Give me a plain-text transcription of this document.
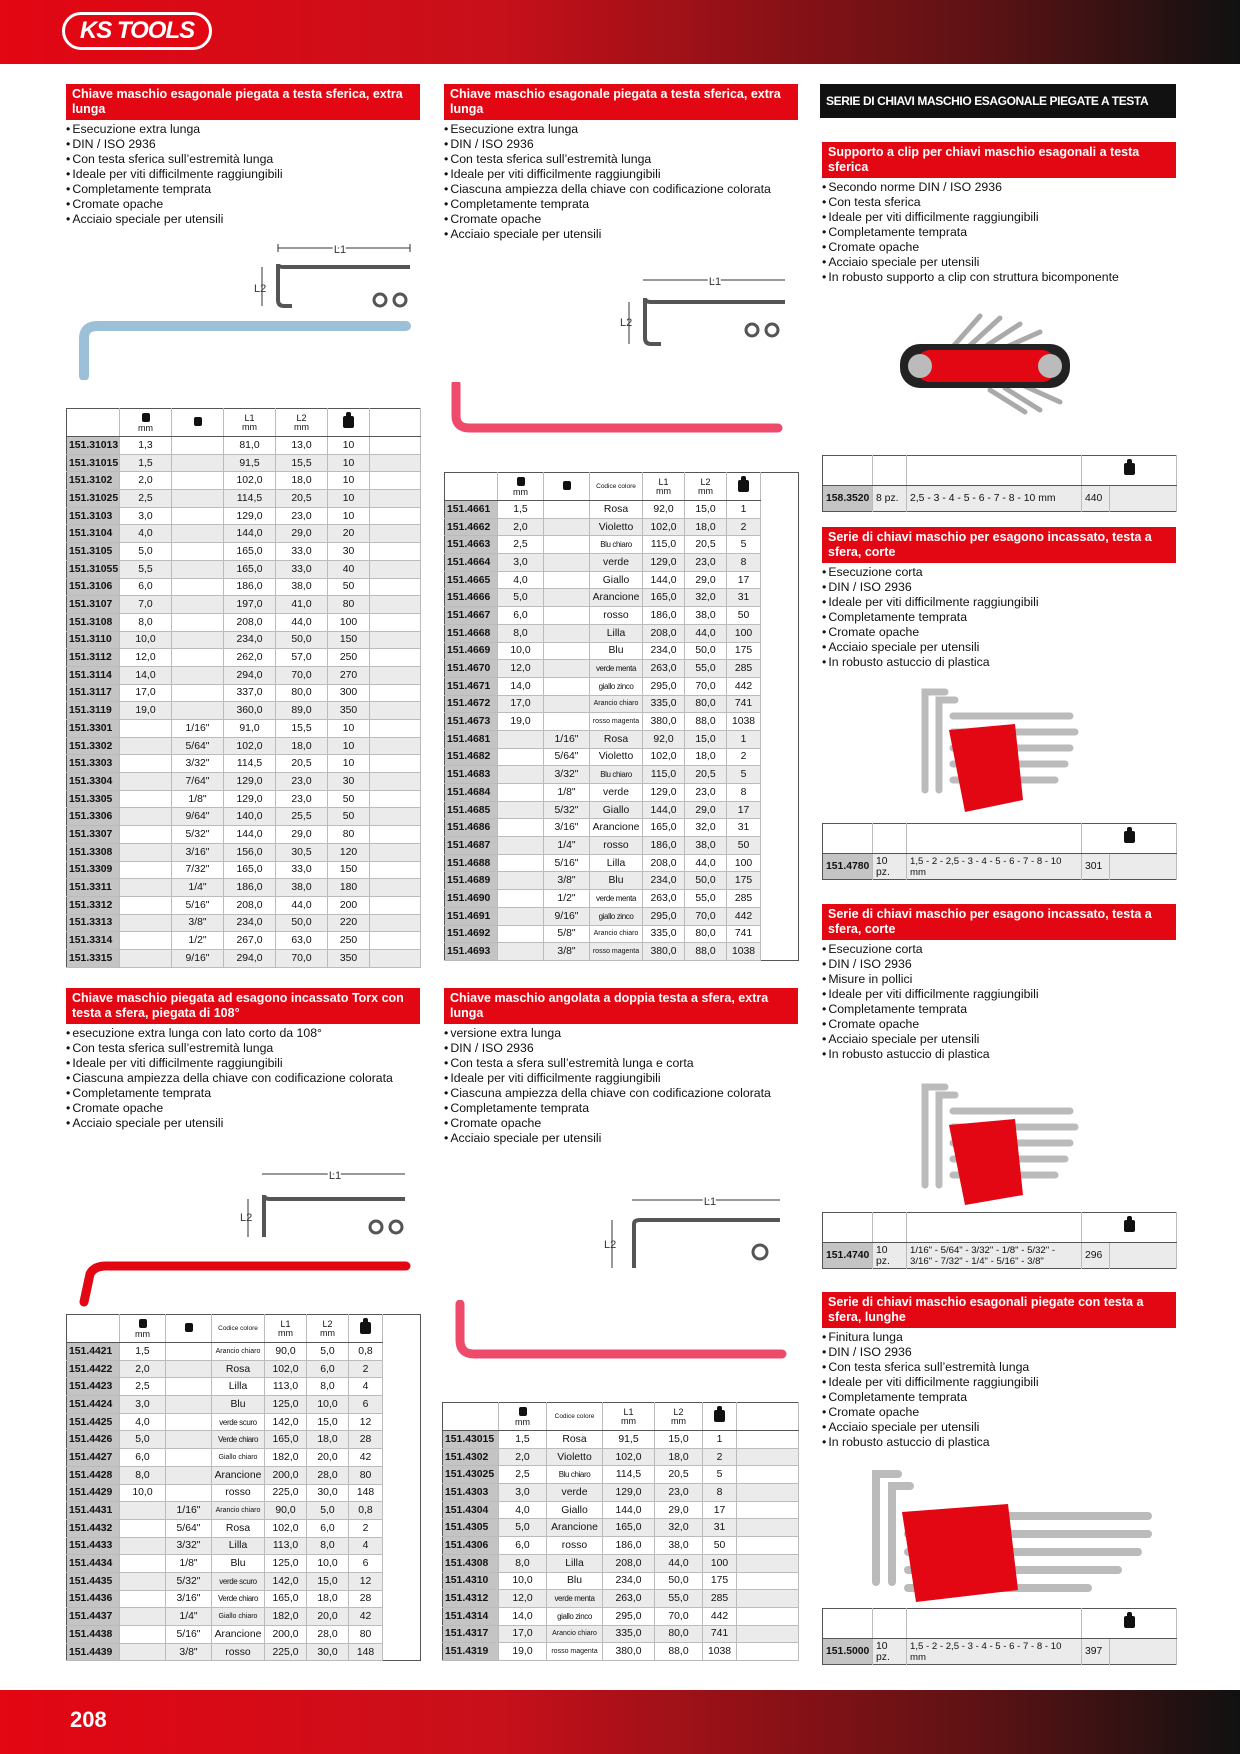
KS TOOLS
208
Chiave maschio esagonale piegata a testa sferica, extra lunga
• Esecuzione extra lunga
• DIN / ISO 2936
• Con testa sferica sull’estremità lunga
• Ideale per viti difficilmente raggiungibili
• Completamente temprata
• Cromate opache
• Acciaio speciale per utensili
L1
L2

mm		L1
mm	L2
mm		
151.31013	1,3		81,0	13,0	10	
151.31015	1,5		91,5	15,5	10	
151.3102	2,0		102,0	18,0	10	
151.31025	2,5		114,5	20,5	10	
151.3103	3,0		129,0	23,0	10	
151.3104	4,0		144,0	29,0	20	
151.3105	5,0		165,0	33,0	30	
151.31055	5,5		165,0	33,0	40	
151.3106	6,0		186,0	38,0	50	
151.3107	7,0		197,0	41,0	80	
151.3108	8,0		208,0	44,0	100	
151.3110	10,0		234,0	50,0	150	
151.3112	12,0		262,0	57,0	250	
151.3114	14,0		294,0	70,0	270	
151.3117	17,0		337,0	80,0	300	
151.3119	19,0		360,0	89,0	350	
151.3301		1/16"	91,0	15,5	10	
151.3302		5/64"	102,0	18,0	10	
151.3303		3/32"	114,5	20,5	10	
151.3304		7/64"	129,0	23,0	30	
151.3305		1/8"	129,0	23,0	50	
151.3306		9/64"	140,0	25,5	50	
151.3307		5/32"	144,0	29,0	80	
151.3308		3/16"	156,0	30,5	120	
151.3309		7/32"	165,0	33,0	150	
151.3311		1/4"	186,0	38,0	180	
151.3312		5/16"	208,0	44,0	200	
151.3313		3/8"	234,0	50,0	220	
151.3314		1/2"	267,0	63,0	250	
151.3315		9/16"	294,0	70,0	350	
Chiave maschio esagonale piegata a testa sferica, extra lunga
• Esecuzione extra lunga
• DIN / ISO 2936
• Con testa sferica sull’estremità lunga
• Ideale per viti difficilmente raggiungibili
• Ciascuna ampiezza della chiave con codificazione colorata
• Completamente temprata
• Cromate opache
• Acciaio speciale per utensili
L1
L2

mm		Codice colore	L1
mm	L2
mm	
151.4661	1,5		Rosa	92,0	15,0	1
151.4662	2,0		Violetto	102,0	18,0	2
151.4663	2,5		Blu chiaro	115,0	20,5	5
151.4664	3,0		verde	129,0	23,0	8
151.4665	4,0		Giallo	144,0	29,0	17
151.4666	5,0		Arancione	165,0	32,0	31
151.4667	6,0		rosso	186,0	38,0	50
151.4668	8,0		Lilla	208,0	44,0	100
151.4669	10,0		Blu	234,0	50,0	175
151.4670	12,0		verde menta	263,0	55,0	285
151.4671	14,0		giallo zinco	295,0	70,0	442
151.4672	17,0		Arancio chiaro	335,0	80,0	741
151.4673	19,0		rosso magenta	380,0	88,0	1038
151.4681		1/16"	Rosa	92,0	15,0	1
151.4682		5/64"	Violetto	102,0	18,0	2
151.4683		3/32"	Blu chiaro	115,0	20,5	5
151.4684		1/8"	verde	129,0	23,0	8
151.4685		5/32"	Giallo	144,0	29,0	17
151.4686		3/16"	Arancione	165,0	32,0	31
151.4687		1/4"	rosso	186,0	38,0	50
151.4688		5/16"	Lilla	208,0	44,0	100
151.4689		3/8"	Blu	234,0	50,0	175
151.4690		1/2"	verde menta	263,0	55,0	285
151.4691		9/16"	giallo zinco	295,0	70,0	442
151.4692		5/8"	Arancio chiaro	335,0	80,0	741
151.4693		3/8"	rosso magenta	380,0	88,0	1038
Chiave maschio piegata ad esagono incassato Torx con testa a sfera, piegata di 108°
• esecuzione extra lunga con lato corto da 108°
• Con testa sferica sull’estremità lunga
• Ideale per viti difficilmente raggiungibili
• Ciascuna ampiezza della chiave con codificazione colorata
• Completamente temprata
• Cromate opache
• Acciaio speciale per utensili
L1
L2

mm		Codice colore	L1
mm	L2
mm	
151.4421	1,5		Arancio chiaro	90,0	5,0	0,8
151.4422	2,0		Rosa	102,0	6,0	2
151.4423	2,5		Lilla	113,0	8,0	4
151.4424	3,0		Blu	125,0	10,0	6
151.4425	4,0		verde scuro	142,0	15,0	12
151.4426	5,0		Verde chiaro	165,0	18,0	28
151.4427	6,0		Giallo chiaro	182,0	20,0	42
151.4428	8,0		Arancione	200,0	28,0	80
151.4429	10,0		rosso	225,0	30,0	148
151.4431		1/16"	Arancio chiaro	90,0	5,0	0,8
151.4432		5/64"	Rosa	102,0	6,0	2
151.4433		3/32"	Lilla	113,0	8,0	4
151.4434		1/8"	Blu	125,0	10,0	6
151.4435		5/32"	verde scuro	142,0	15,0	12
151.4436		3/16"	Verde chiaro	165,0	18,0	28
151.4437		1/4"	Giallo chiaro	182,0	20,0	42
151.4438		5/16"	Arancione	200,0	28,0	80
151.4439		3/8"	rosso	225,0	30,0	148
Chiave maschio angolata a doppia testa a sfera, extra lunga
• versione extra lunga
• DIN / ISO 2936
• Con testa a sfera sull’estremità lunga e corta
• Ideale per viti difficilmente raggiungibili
• Ciascuna ampiezza della chiave con codificazione colorata
• Completamente temprata
• Cromate opache
• Acciaio speciale per utensili
L1
L2

mm	Codice colore	L1
mm	L2
mm		
151.43015	1,5	Rosa	91,5	15,0	1	
151.4302	2,0	Violetto	102,0	18,0	2	
151.43025	2,5	Blu chiaro	114,5	20,5	5	
151.4303	3,0	verde	129,0	23,0	8	
151.4304	4,0	Giallo	144,0	29,0	17	
151.4305	5,0	Arancione	165,0	32,0	31	
151.4306	6,0	rosso	186,0	38,0	50	
151.4308	8,0	Lilla	208,0	44,0	100	
151.4310	10,0	Blu	234,0	50,0	175	
151.4312	12,0	verde menta	263,0	55,0	285	
151.4314	14,0	giallo zinco	295,0	70,0	442	
151.4317	17,0	Arancio chiaro	335,0	80,0	741	
151.4319	19,0	rosso magenta	380,0	88,0	1038	
SERIE DI CHIAVI MASCHIO ESAGONALE PIEGATE A TESTA SFERICA
Supporto a clip per chiavi maschio esagonali a testa sferica
• Secondo norme DIN / ISO 2936
• Con testa sferica
• Ideale per viti difficilmente raggiungibili
• Completamente temprata
• Cromate opache
• Acciaio speciale per utensili
• In robusto supporto a clip con struttura bicomponente

158.3520	8 pz.	2,5 - 3 - 4 - 5 - 6 - 7 - 8 - 10 mm	440	
Serie di chiavi maschio per esagono incassato, testa a sfera, corte
• Esecuzione corta
• DIN / ISO 2936
• Ideale per viti difficilmente raggiungibili
• Completamente temprata
• Cromate opache
• Acciaio speciale per utensili
• In robusto astuccio di plastica

151.4780	10 pz.	1,5 - 2 - 2,5 - 3 - 4 - 5 - 6 - 7 - 8 - 10 mm	301	
Serie di chiavi maschio per esagono incassato, testa a sfera, corte
• Esecuzione corta
• DIN / ISO 2936
• Misure in pollici
• Ideale per viti difficilmente raggiungibili
• Completamente temprata
• Cromate opache
• Acciaio speciale per utensili
• In robusto astuccio di plastica

151.4740	10 pz.	1/16" - 5/64" - 3/32" - 1/8" - 5/32" - 3/16" - 7/32" - 1/4" - 5/16" - 3/8"	296	
Serie di chiavi maschio esagonali piegate con testa a sfera, lunghe
• Finitura lunga
• DIN / ISO 2936
• Con testa sferica sull’estremità lunga
• Ideale per viti difficilmente raggiungibili
• Completamente temprata
• Cromate opache
• Acciaio speciale per utensili
• In robusto astuccio di plastica

151.5000	10 pz.	1,5 - 2 - 2,5 - 3 - 4 - 5 - 6 - 7 - 8 - 10 mm	397	
